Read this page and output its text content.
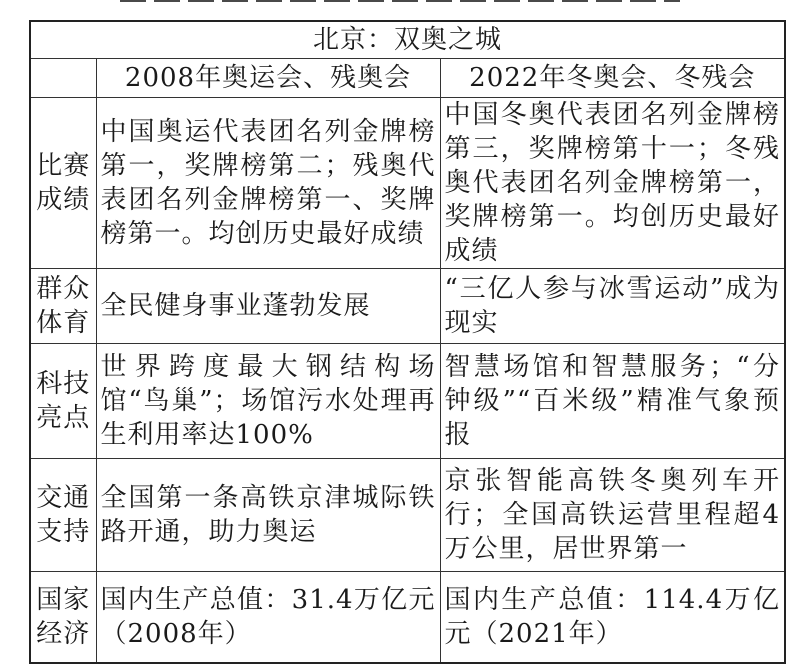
北京：双奥之城		
	2008年奥运会、残奥会	2022年冬奥会、冬残会

比赛成绩	中国奥运代表团名列金牌榜第一，奖牌榜第二；残奥代表团名列金牌榜第一、奖牌榜第一。均创历史最好成绩	中国冬奥代表团名列金牌榜第三，奖牌榜第十一；冬残奥代表团名列金牌榜第一，奖牌榜第一。均创历史最好成绩

群众体育	全民健身事业蓬勃发展	“三亿人参与冰雪运动”成为现实

科技亮点	世界跨度最大钢结构场馆“鸟巢”；场馆污水处理再生利用率达100%	智慧场馆和智慧服务；“分钟级”“百米级”精准气象预报

交通支持	全国第一条高铁京津城际铁路开通，助力奥运	京张智能高铁冬奥列车开行；全国高铁运营里程超4万公里，居世界第一

国家经济	国内生产总值：31.4万亿元（2008年）	国内生产总值：114.4万亿元（2021年）
